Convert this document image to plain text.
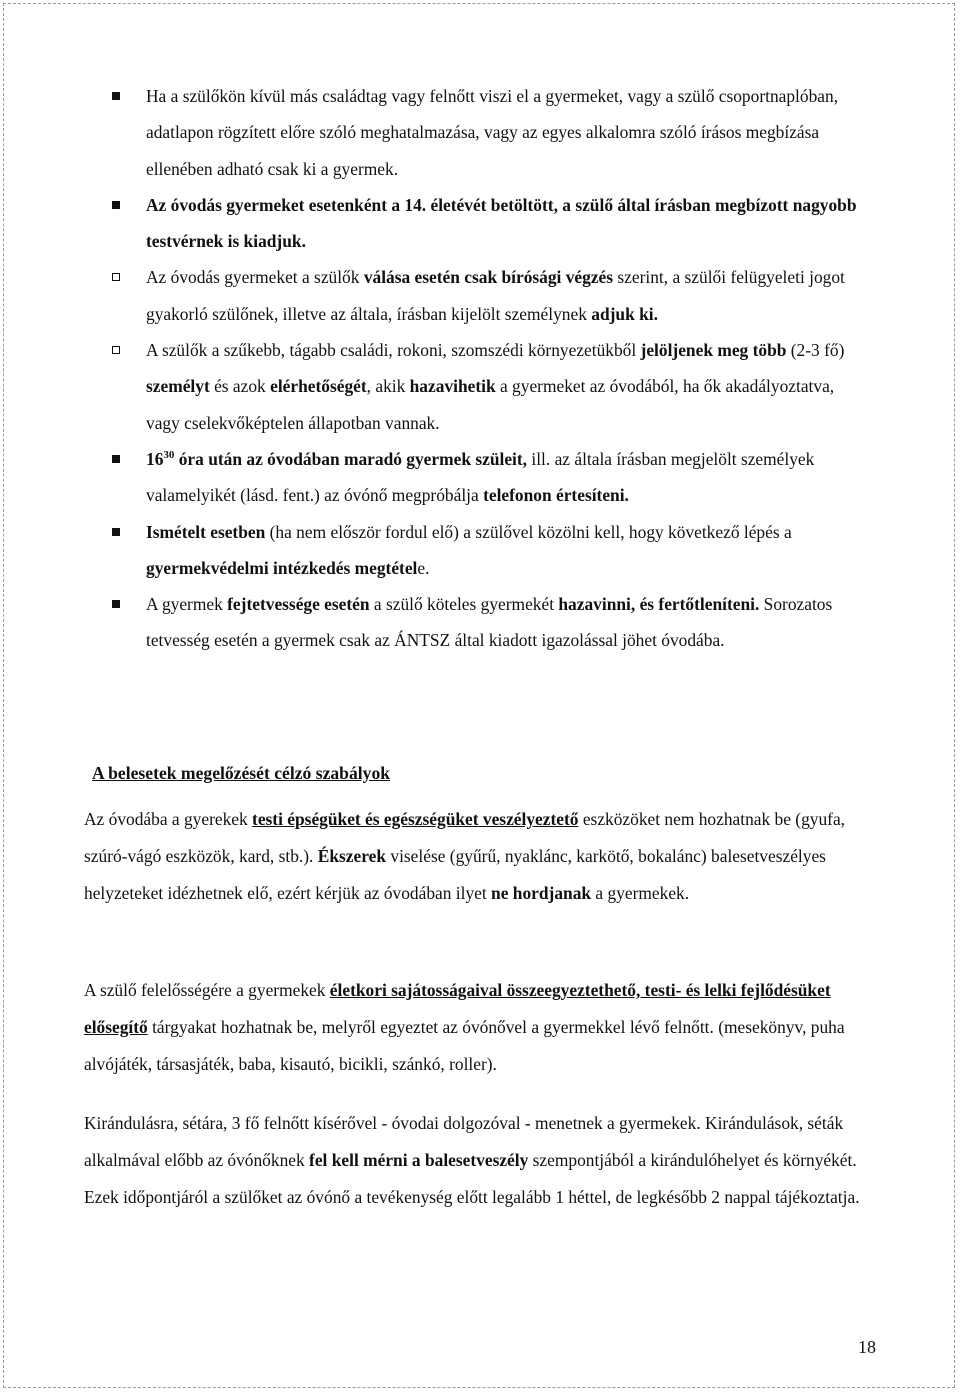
Ha a szülőkön kívül más családtag vagy felnőtt viszi el a gyermeket, vagy a szülő csoportnaplóban, adatlapon rögzített előre szóló meghatalmazása, vagy az egyes alkalomra szóló írásos megbízása ellenében adható csak ki a gyermek.
Az óvodás gyermeket esetenként a 14. életévét betöltött, a szülő által írásban megbízott nagyobb testvérnek is kiadjuk.
Az óvodás gyermeket a szülők válása esetén csak bírósági végzés szerint, a szülői felügyeleti jogot gyakorló szülőnek, illetve az általa, írásban kijelölt személynek adjuk ki.
A szülők a szűkebb, tágabb családi, rokoni, szomszédi környezetükből jelöljenek meg több (2-3 fő) személyt és azok elérhetőségét, akik hazavihetik a gyermeket az óvodából, ha ők akadályoztatva, vagy cselekvőképtelen állapotban vannak.
$16^{30}$ óra után az óvodában maradó gyermek szüleit, ill. az általa írásban megjelölt személyek valamelyikét (lásd. fent.) az óvónő megpróbálja telefonon értesíteni.
Ismételt esetben (ha nem először fordul elő) a szülővel közölni kell, hogy következő lépés a gyermekvédelmi intézkedés megtétele.
A gyermek fejtetvessége esetén a szülő köteles gyermekét hazavinni, és fertőtleníteni. Sorozatos tetvesség esetén a gyermek csak az ÁNTSZ által kiadott igazolással jöhet óvodába.
A belesetek megelőzését célzó szabályok

Az óvodába a gyerekek testi épségüket és egészségüket veszélyeztető eszközöket nem hozhatnak be (gyufa, szúró-vágó eszközök, kard, stb.). Ékszerek viselése (gyűrű, nyaklánc, karkötő, bokalánc) balesetveszélyes helyzeteket idézhetnek elő, ezért kérjük az óvodában ilyet ne hordjanak a gyermekek.

A szülő felelősségére a gyermekek életkori sajátosságaival összeegyeztethető, testi- és lelki fejlődésüket elősegítő tárgyakat hozhatnak be, melyről egyeztet az óvónővel a gyermekkel lévő felnőtt. (mesekönyv, puha alvójáték, társasjáték, baba, kisautó, bicikli, szánkó, roller).

Kirándulásra, sétára, 3 fő felnőtt kísérővel - óvodai dolgozóval - menetnek a gyermekek. Kirándulások, séták alkalmával előbb az óvónőknek fel kell mérni a balesetveszély szempontjából a kirándulóhelyet és környékét. Ezek időpontjáról a szülőket az óvónő a tevékenység előtt legalább 1 héttel, de legkésőbb 2 nappal tájékoztatja.

18
